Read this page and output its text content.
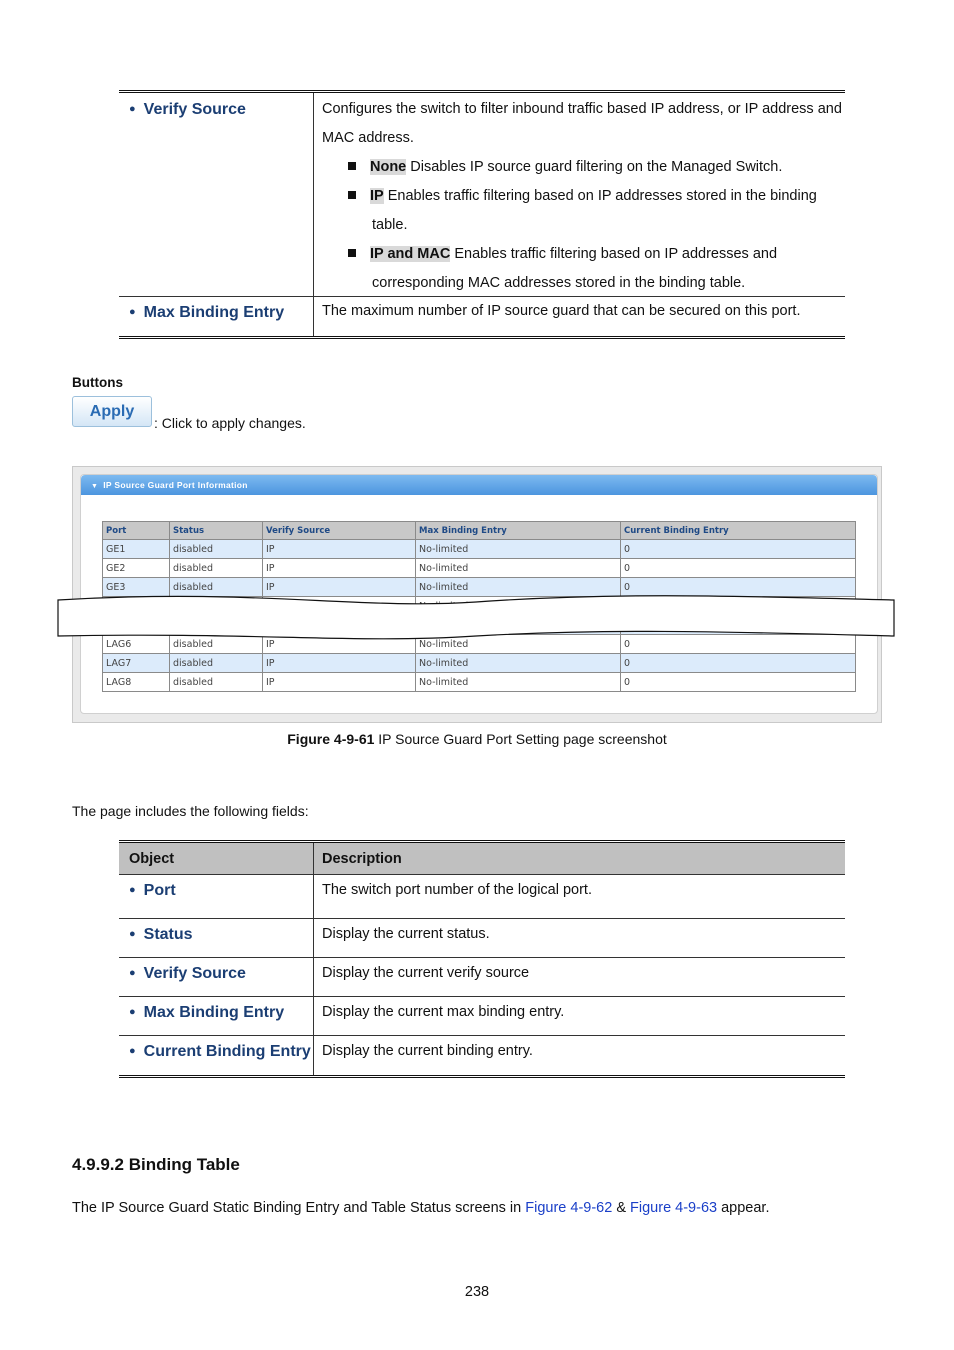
● Verify Source	Configures the switch to filter inbound traffic based IP address, or IP address and MAC address.
None Disables IP source guard filtering on the Managed Switch.
IP Enables traffic filtering based on IP addresses stored in the binding table.
IP and MAC Enables traffic filtering based on IP addresses and corresponding MAC addresses stored in the binding table.
● Max Binding Entry	The maximum number of IP source guard that can be secured on this port.
Buttons
Apply
: Click to apply changes.
▼ IP Source Guard Port Information
Port	Status	Verify Source	Max Binding Entry	Current Binding Entry
GE1	disabled	IP	No-limited	0
GE2	disabled	IP	No-limited	0
GE3	disabled	IP	No-limited	0

LAG6	disabled	IP	No-limited	0
LAG7	disabled	IP	No-limited	0
LAG8	disabled	IP	No-limited	0
Figure 4-9-61 IP Source Guard Port Setting page screenshot
The page includes the following fields:
Object	Description
● Port	The switch port number of the logical port.
● Status	Display the current status.
● Verify Source	Display the current verify source
● Max Binding Entry	Display the current max binding entry.
● Current Binding Entry Display the current binding entry.
4.9.9.2 Binding Table
The IP Source Guard Static Binding Entry and Table Status screens in Figure 4-9-62 & Figure 4-9-63 appear.
238
